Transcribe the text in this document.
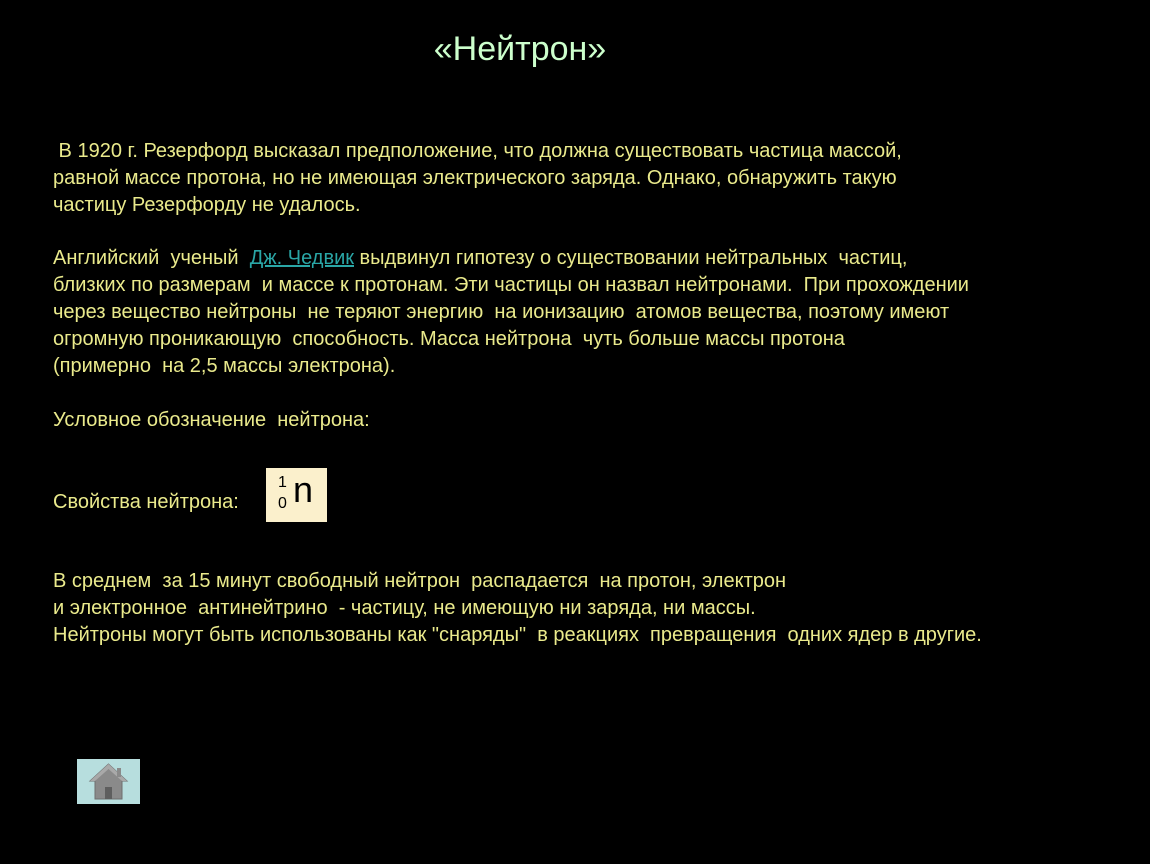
«Нейтрон»
В 1920 г. Резерфорд высказал предположение, что должна существовать частица массой,
равной массе протона, но не имеющая электрического заряда. Однако, обнаружить такую
частицу Резерфорду не удалось.
Английский  ученый  Дж. Чедвик выдвинул гипотезу о существовании нейтральных  частиц,
близких по размерам  и массе к протонам. Эти частицы он назвал нейтронами.  При прохождении
через вещество нейтроны  не теряют энергию  на ионизацию  атомов вещества, поэтому имеют
огромную проникающую  способность. Масса нейтрона  чуть больше массы протона
(примерно  на 2,5 массы электрона).
Условное обозначение  нейтрона:
Свойства нейтрона:
1
0 n
В среднем  за 15 минут свободный нейтрон  распадается  на протон, электрон
и электронное  антинейтрино  - частицу, не имеющую ни заряда, ни массы.
Нейтроны могут быть использованы как "снаряды"  в реакциях  превращения  одних ядер в другие.
